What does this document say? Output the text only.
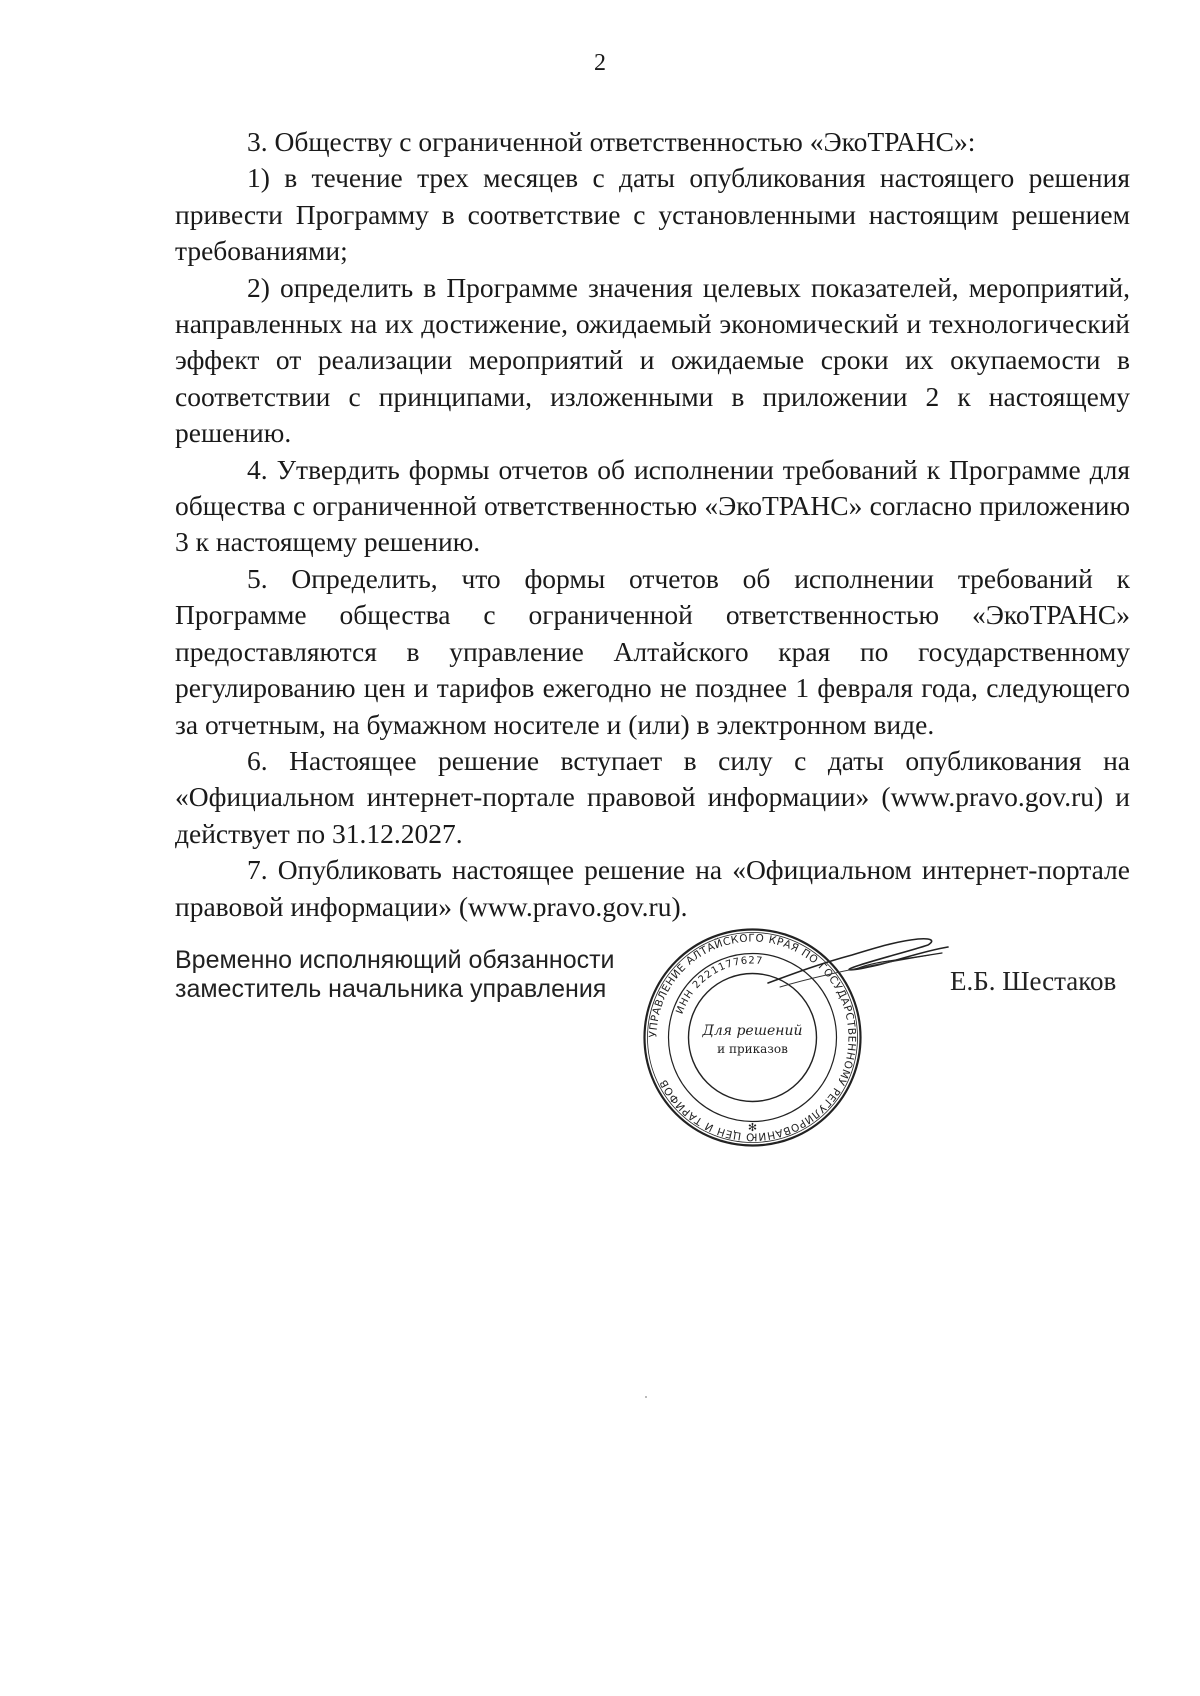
2

3. Обществу с ограниченной ответственностью «ЭкоТРАНС»:

1) в течение трех месяцев с даты опубликования настоящего решения привести Программу в соответствие с установленными настоящим решением требованиями;

2) определить в Программе значения целевых показателей, мероприятий, направленных на их достижение, ожидаемый экономический и технологический эффект от реализации мероприятий и ожидаемые сроки их окупаемости в соответствии с принципами, изложенными в приложении 2 к настоящему решению.

4. Утвердить формы отчетов об исполнении требований к Программе для общества с ограниченной ответственностью «ЭкоТРАНС» согласно приложению 3 к настоящему решению.

5. Определить, что формы отчетов об исполнении требований к Программе общества с ограниченной ответственностью «ЭкоТРАНС» предоставляются в управление Алтайского края по государственному регулированию цен и тарифов ежегодно не позднее 1 февраля года, следующего за отчетным, на бумажном носителе и (или) в электронном виде.

6. Настоящее решение вступает в силу с даты опубликования на «Официальном интернет-портале правовой информации» (www.pravo.gov.ru) и действует по 31.12.2027.

7. Опубликовать настоящее решение на «Официальном интернет-портале правовой информации» (www.pravo.gov.ru).

Временно исполняющий обязанности
заместитель начальника управления
УПРАВЛЕНИЕ АЛТАЙСКОГО КРАЯ ПО ГОСУДАРСТВЕННОМУ РЕГУЛИРОВАНИЮ ЦЕН И ТАРИФОВ
ИНН 2221177627
Для решений
и приказов
✻
Е.Б. Шестаков
